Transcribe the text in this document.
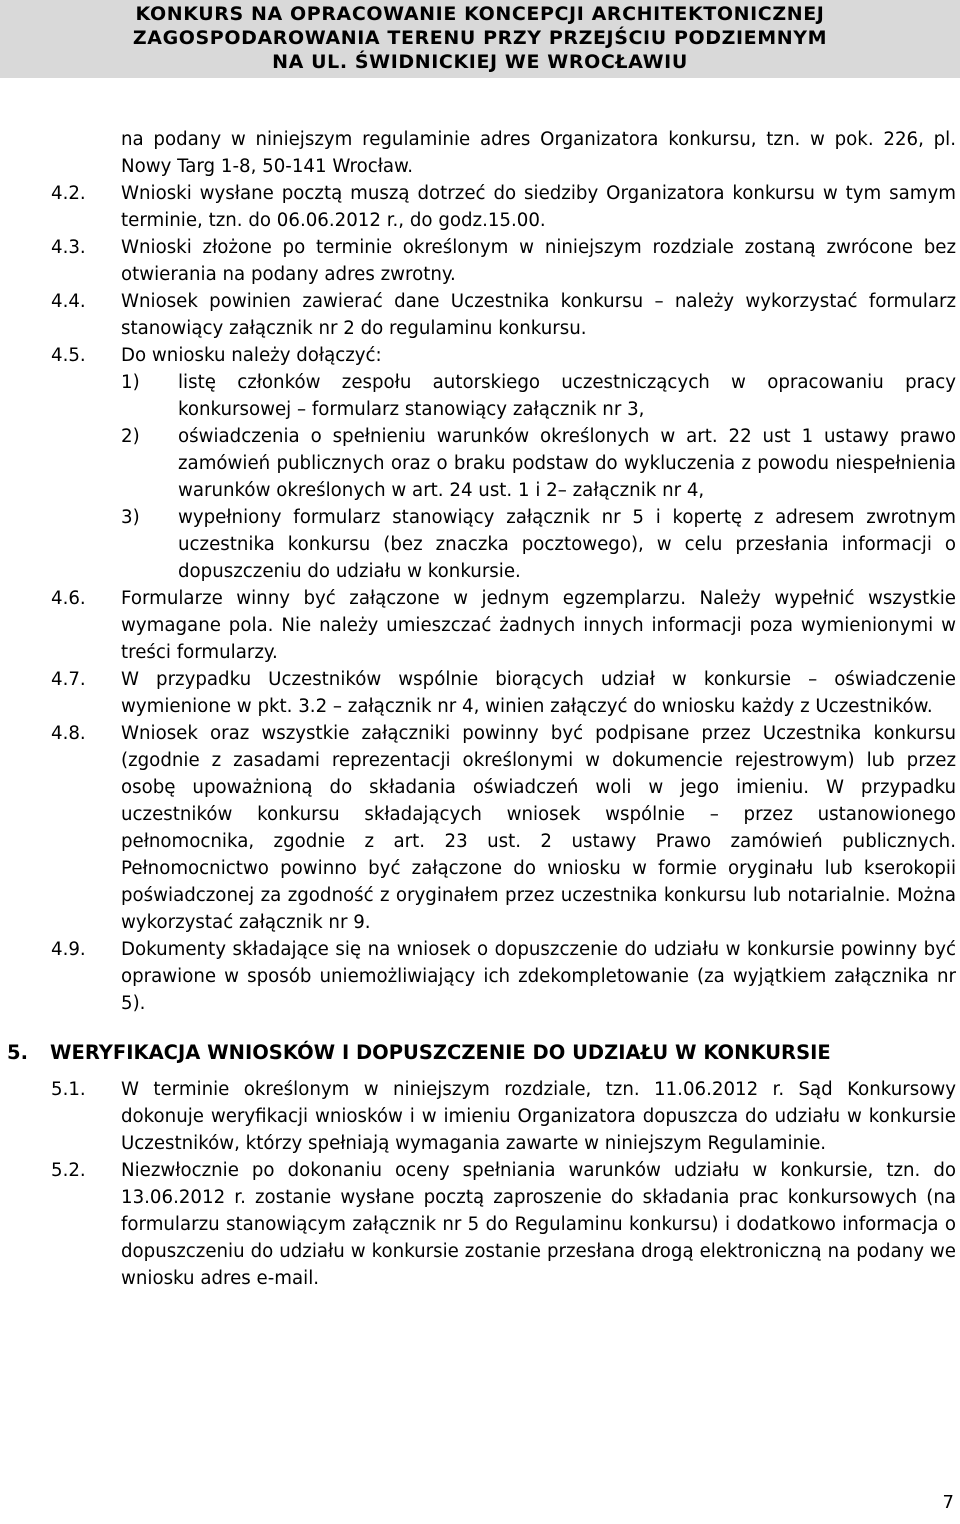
KONKURS NA OPRACOWANIE KONCEPCJI ARCHITEKTONICZNEJ
ZAGOSPODAROWANIA TERENU PRZY PRZEJŚCIU PODZIEMNYM
NA UL. ŚWIDNICKIEJ WE WROCŁAWIU
na podany w niniejszym regulaminie adres Organizatora konkursu, tzn. w pok. 226, pl. Nowy Targ 1-8, 50-141 Wrocław.
4.2. Wnioski wysłane pocztą muszą dotrzeć do siedziby Organizatora konkursu w tym samym terminie, tzn. do 06.06.2012 r., do godz.15.00.
4.3. Wnioski złożone po terminie określonym w niniejszym rozdziale zostaną zwrócone bez otwierania na podany adres zwrotny.
4.4. Wniosek powinien zawierać dane Uczestnika konkursu – należy wykorzystać formularz stanowiący załącznik nr 2 do regulaminu konkursu.
4.5. Do wniosku należy dołączyć:
1) listę członków zespołu autorskiego uczestniczących w opracowaniu pracy konkursowej – formularz stanowiący załącznik nr 3,
2) oświadczenia o spełnieniu warunków określonych w art. 22 ust 1 ustawy prawo zamówień publicznych oraz o braku podstaw do wykluczenia z powodu niespełnienia warunków określonych w art. 24 ust. 1 i 2– załącznik nr 4,
3) wypełniony formularz stanowiący załącznik nr 5 i kopertę z adresem zwrotnym uczestnika konkursu (bez znaczka pocztowego), w celu przesłania informacji o dopuszczeniu do udziału w konkursie.
4.6. Formularze winny być załączone w jednym egzemplarzu. Należy wypełnić wszystkie wymagane pola. Nie należy umieszczać żadnych innych informacji poza wymienionymi w treści formularzy.
4.7. W przypadku Uczestników wspólnie biorących udział w konkursie – oświadczenie wymienione w pkt. 3.2 – załącznik nr 4, winien załączyć do wniosku każdy z Uczestników.
4.8. Wniosek oraz wszystkie załączniki powinny być podpisane przez Uczestnika konkursu (zgodnie z zasadami reprezentacji określonymi w dokumencie rejestrowym) lub przez osobę upoważnioną do składania oświadczeń woli w jego imieniu. W przypadku uczestników konkursu składających wniosek wspólnie – przez ustanowionego pełnomocnika, zgodnie z art. 23 ust. 2 ustawy Prawo zamówień publicznych. Pełnomocnictwo powinno być załączone do wniosku w formie oryginału lub kserokopii poświadczonej za zgodność z oryginałem przez uczestnika konkursu lub notarialnie. Można wykorzystać załącznik nr 9.
4.9. Dokumenty składające się na wniosek o dopuszczenie do udziału w konkursie powinny być oprawione w sposób uniemożliwiający ich zdekompletowanie (za wyjątkiem załącznika nr 5).
5. WERYFIKACJA WNIOSKÓW I DOPUSZCZENIE DO UDZIAŁU W KONKURSIE
5.1. W terminie określonym w niniejszym rozdziale, tzn. 11.06.2012 r. Sąd Konkursowy dokonuje weryfikacji wniosków i w imieniu Organizatora dopuszcza do udziału w konkursie Uczestników, którzy spełniają wymagania zawarte w niniejszym Regulaminie.
5.2. Niezwłocznie po dokonaniu oceny spełniania warunków udziału w konkursie, tzn. do 13.06.2012 r. zostanie wysłane pocztą zaproszenie do składania prac konkursowych (na formularzu stanowiącym załącznik nr 5 do Regulaminu konkursu) i dodatkowo informacja o dopuszczeniu do udziału w konkursie zostanie przesłana drogą elektroniczną na podany we wniosku adres e-mail.
7
